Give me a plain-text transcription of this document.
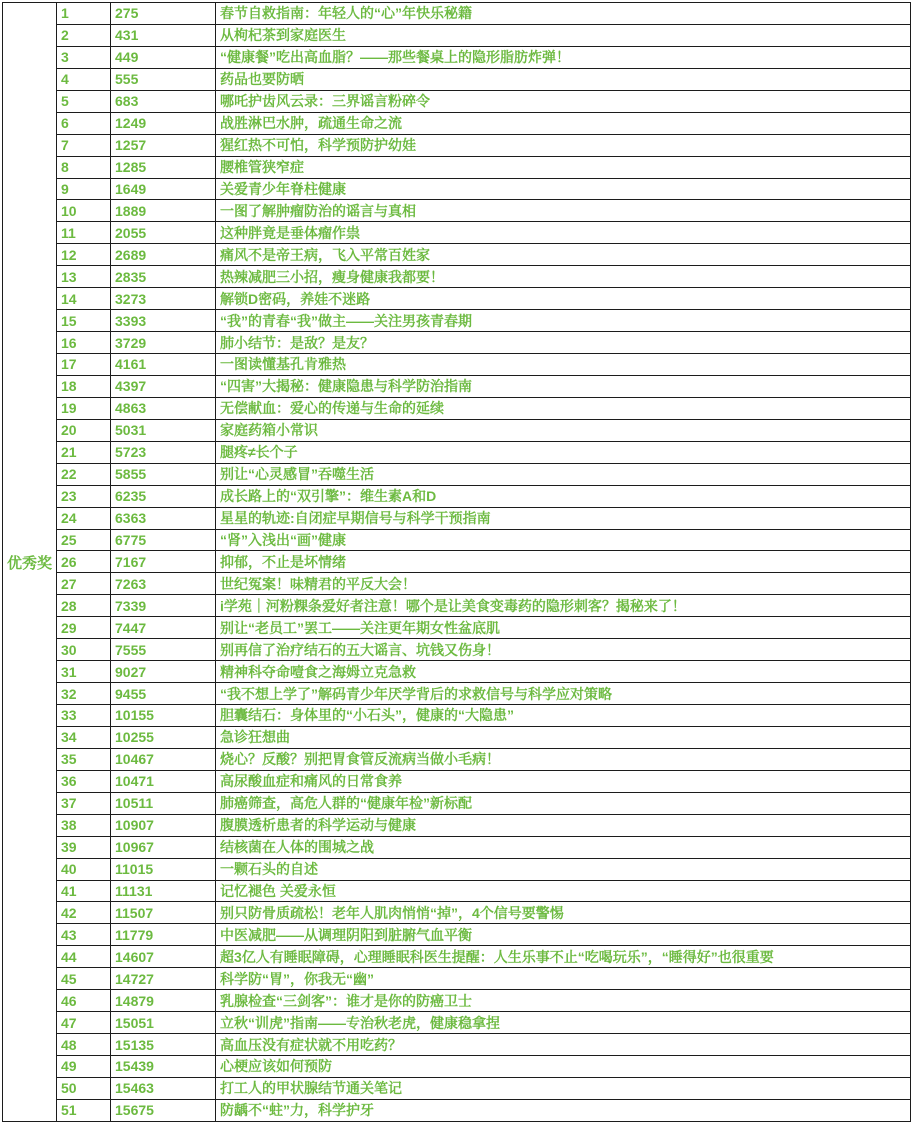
优秀奖
1	275	春节自救指南：年轻人的“心”年快乐秘籍
2	431	从枸杞茶到家庭医生
3	449	“健康餐”吃出高血脂？——那些餐桌上的隐形脂肪炸弹！
4	555	药品也要防晒
5	683	哪吒护齿风云录：三界谣言粉碎令
6	1249	战胜淋巴水肿，疏通生命之流
7	1257	猩红热不可怕，科学预防护幼娃
8	1285	腰椎管狭窄症
9	1649	关爱青少年脊柱健康
10	1889	一图了解肿瘤防治的谣言与真相
11	2055	这种胖竟是垂体瘤作祟
12	2689	痛风不是帝王病，飞入平常百姓家
13	2835	热辣减肥三小招，瘦身健康我都要！
14	3273	解锁D密码，养娃不迷路
15	3393	“我”的青春“我”做主——关注男孩青春期
16	3729	肺小结节：是敌？是友？
17	4161	一图读懂基孔肯雅热
18	4397	“四害”大揭秘：健康隐患与科学防治指南
19	4863	无偿献血：爱心的传递与生命的延续
20	5031	家庭药箱小常识
21	5723	腿疼≠长个子
22	5855	别让“心灵感冒”吞噬生活
23	6235	成长路上的“双引擎”：维生素A和D
24	6363	星星的轨迹:自闭症早期信号与科学干预指南
25	6775	“肾”入浅出“画”健康
26	7167	抑郁，不止是坏情绪
27	7263	世纪冤案！味精君的平反大会！
28	7339	i学苑｜河粉粿条爱好者注意！哪个是让美食变毒药的隐形刺客？揭秘来了！
29	7447	别让“老员工”罢工——关注更年期女性盆底肌
30	7555	别再信了治疗结石的五大谣言、坑钱又伤身！
31	9027	精神科夺命噎食之海姆立克急救
32	9455	“我不想上学了”解码青少年厌学背后的求救信号与科学应对策略
33	10155	胆囊结石：身体里的“小石头”，健康的“大隐患”
34	10255	急诊狂想曲
35	10467	烧心？反酸？别把胃食管反流病当做小毛病！
36	10471	高尿酸血症和痛风的日常食养
37	10511	肺癌筛查，高危人群的“健康年检”新标配
38	10907	腹膜透析患者的科学运动与健康
39	10967	结核菌在人体的围城之战
40	11015	一颗石头的自述
41	11131	记忆褪色 关爱永恒
42	11507	别只防骨质疏松！老年人肌肉悄悄“掉”，4个信号要警惕
43	11779	中医减肥——从调理阴阳到脏腑气血平衡
44	14607	超3亿人有睡眠障碍，心理睡眠科医生提醒：人生乐事不止“吃喝玩乐”，“睡得好”也很重要
45	14727	科学防“胃”，你我无“幽”
46	14879	乳腺检查“三剑客”：谁才是你的防癌卫士
47	15051	立秋“训虎”指南——专治秋老虎，健康稳拿捏
48	15135	高血压没有症状就不用吃药？
49	15439	心梗应该如何预防
50	15463	打工人的甲状腺结节通关笔记
51	15675	防龋不“蛀”力，科学护牙
